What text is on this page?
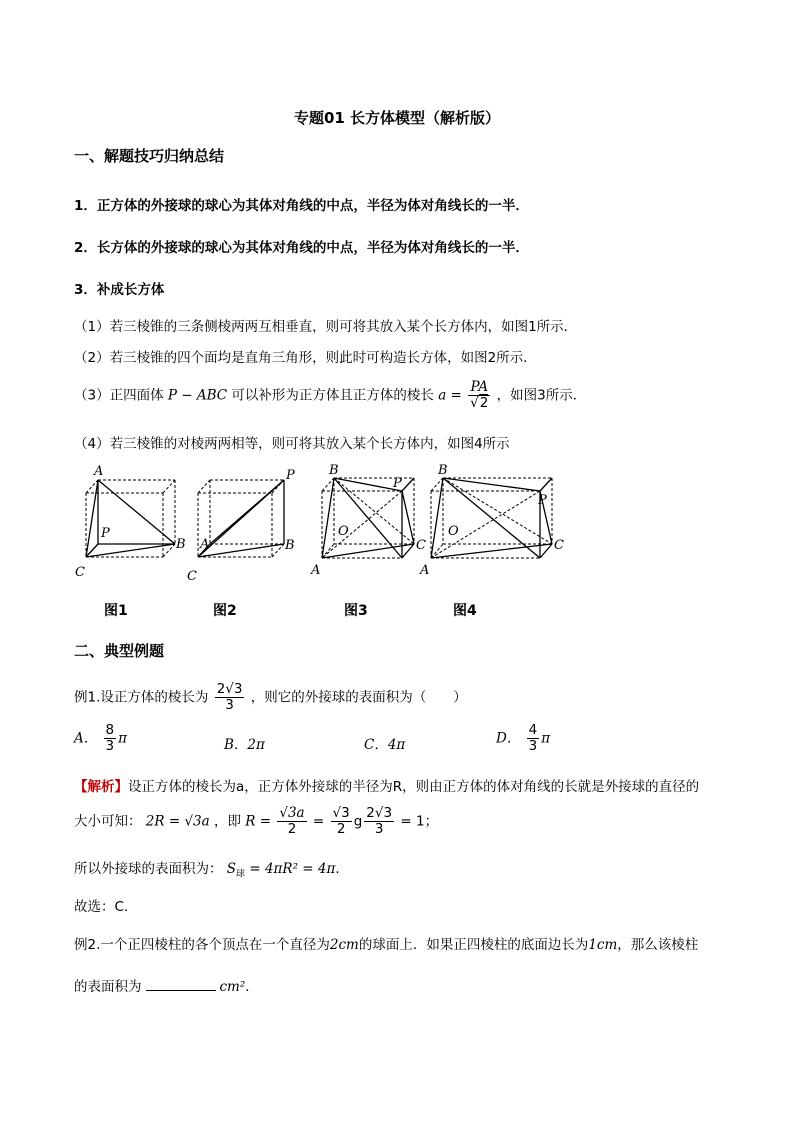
专题01 长方体模型（解析版）
一、解题技巧归纳总结
1．正方体的外接球的球心为其体对角线的中点，半径为体对角线长的一半．
2．长方体的外接球的球心为其体对角线的中点，半径为体对角线长的一半．
3．补成长方体
（1）若三棱锥的三条侧棱两两互相垂直，则可将其放入某个长方体内，如图1所示．
（2）若三棱锥的四个面均是直角三角形，则此时可构造长方体，如图2所示．
（3）正四面体 P − ABC 可以补形为正方体且正方体的棱长 $a = \frac{PA}{√2}$ ，如图3所示．
（4）若三棱锥的对棱两两相等，则可将其放入某个长方体内，如图4所示
A
P
B
C
P
A	B
C
B
P
O
C
A
B
P
O
C
A
图1	图2	图3	图4
二、典型例题
例1.设正方体的棱长为 $\frac{2√3}{3}$ ，则它的外接球的表面积为（　　）
A． $\frac{8}{3}$ π	B．2π	C．4π	D． $\frac{4}{3}$ π
【解析】设正方体的棱长为a，正方体外接球的半径为R，则由正方体的体对角线的长就是外接球的直径的
大小可知： 2R = √3a ，即 $R = \frac{√3a}{2} = \frac{√3}{2}$ g $\frac{2√3}{3} = 1$；
所以外接球的表面积为： $S_球 = 4\pi R^2 = 4\pi$．
故选：C．
例2.一个正四棱柱的各个顶点在一个直径为2cm的球面上．如果正四棱柱的底面边长为1cm，那么该棱柱
的表面积为	cm²．
